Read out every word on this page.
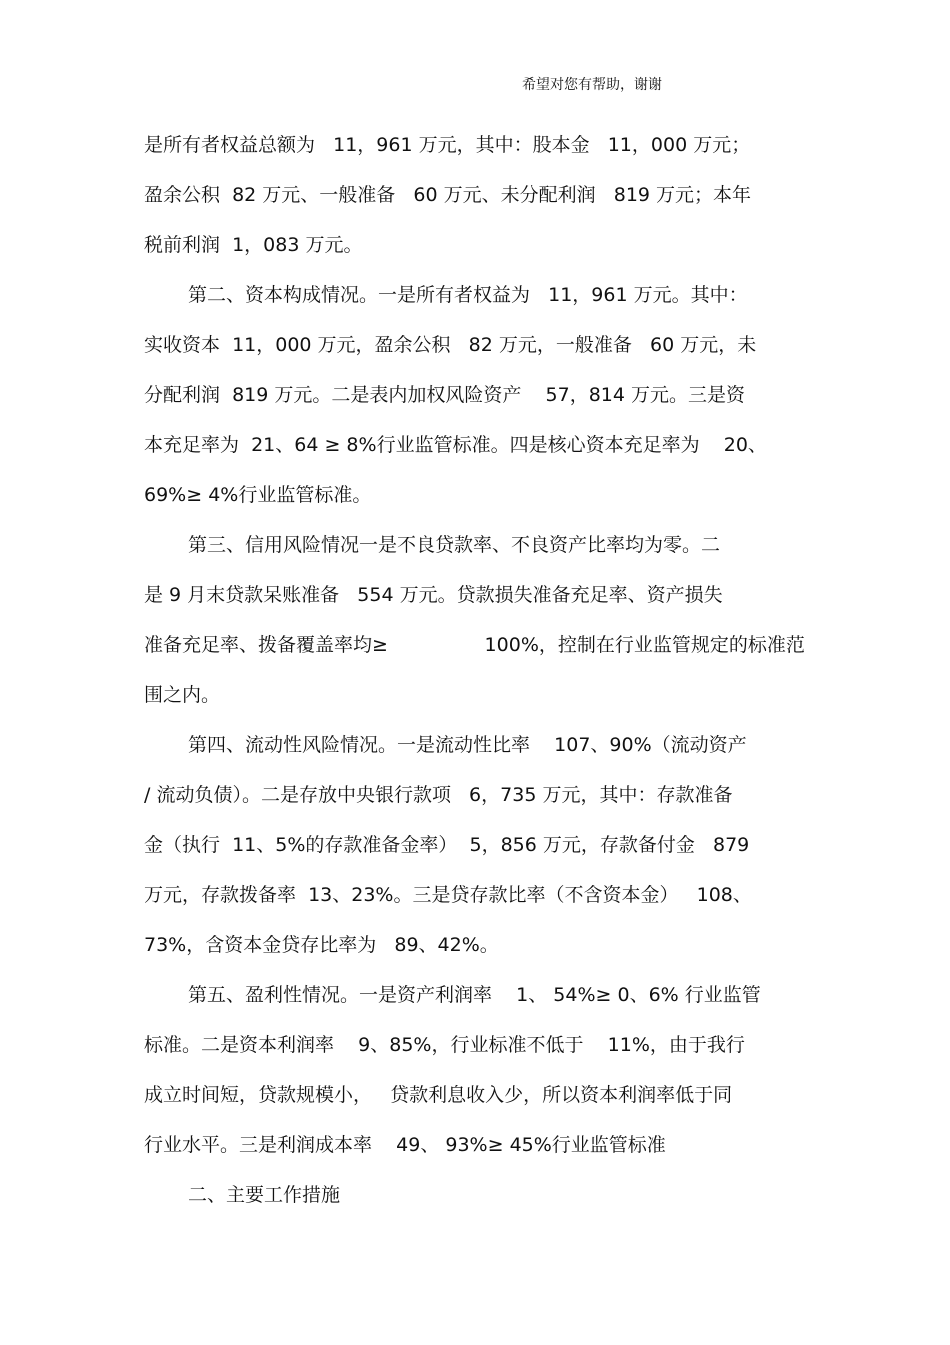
希望对您有帮助，谢谢
是所有者权益总额为   11，961 万元，其中：股本金   11，000 万元；
盈余公积  82 万元、一般准备   60 万元、未分配利润   819 万元；本年
税前利润  1，083 万元。
第二、资本构成情况。一是所有者权益为   11，961 万元。其中：
实收资本  11，000 万元，盈余公积   82 万元，一般准备   60 万元，未
分配利润  819 万元。二是表内加权风险资产    57，814 万元。三是资
本充足率为  21、64 ≥ 8%行业监管标准。四是核心资本充足率为    20、
69%≥ 4%行业监管标准。
第三、信用风险情况一是不良贷款率、不良资产比率均为零。二
是 9 月末贷款呆账准备   554 万元。贷款损失准备充足率、资产损失
准备充足率、拨备覆盖率均≥                100%，控制在行业监管规定的标准范
围之内。
第四、流动性风险情况。一是流动性比率    107、90%（流动资产
/ 流动负债）。二是存放中央银行款项   6，735 万元，其中：存款准备
金（执行  11、5%的存款准备金率）  5，856 万元，存款备付金   879
万元，存款拨备率  13、23%。三是贷存款比率（不含资本金）   108、
73%，含资本金贷存比率为   89、42%。
第五、盈利性情况。一是资产利润率    1、 54%≥ 0、6% 行业监管
标准。二是资本利润率    9、85%，行业标准不低于    11%，由于我行
成立时间短，贷款规模小，   贷款利息收入少，所以资本利润率低于同
行业水平。三是利润成本率    49、 93%≥ 45%行业监管标准
二、主要工作措施
